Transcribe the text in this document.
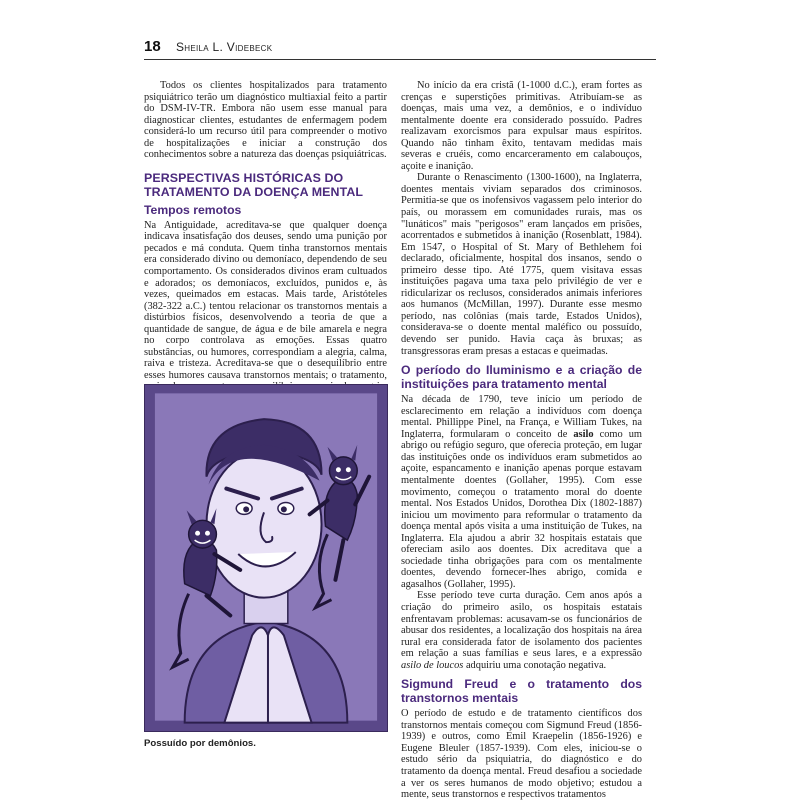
18 Sheila L. Videbeck

Todos os clientes hospitalizados para tratamento psiquiátrico terão um diagnóstico multiaxial feito a partir do DSM-IV-TR. Embora não usem esse manual para diagnosticar clientes, estudantes de enfermagem podem considerá-lo um recurso útil para compreender o motivo de hospitalizações e iniciar a construção dos conhecimentos sobre a natureza das doenças psiquiátricas.

PERSPECTIVAS HISTÓRICAS DO
TRATAMENTO DA DOENÇA MENTAL
Tempos remotos

Na Antiguidade, acreditava-se que qualquer doença indicava insatisfação dos deuses, sendo uma punição por pecados e má conduta. Quem tinha transtornos mentais era considerado divino ou demoníaco, dependendo de seu comportamento. Os considerados divinos eram cultuados e adorados; os demoníacos, excluídos, punidos e, às vezes, queimados em estacas. Mais tarde, Aristóteles (382-322 a.C.) tentou relacionar os transtornos mentais a distúrbios físicos, desenvolvendo a teoria de que a quantidade de sangue, de água e de bile amarela e negra no corpo controlava as emoções. Essas quatro substâncias, ou humores, correspondiam a alegria, calma, raiva e tristeza. Acreditava-se que o desequilíbrio entre esses humores causava transtornos mentais; o tratamento,

Possuído por demônios.

No início da era cristã (1-1000 d.C.), eram fortes as crenças e superstições primitivas. Atribuíam-se as doenças, mais uma vez, a demônios, e o indivíduo mentalmente doente era considerado possuído. Padres realizavam exorcismos para expulsar maus espíritos. Quando não tinham êxito, tentavam medidas mais severas e cruéis, como encarceramento em calabouços, açoite e inanição.

Durante o Renascimento (1300-1600), na Inglaterra, doentes mentais viviam separados dos criminosos. Permitia-se que os inofensivos vagassem pelo interior do país, ou morassem em comunidades rurais, mas os "lunáticos" mais "perigosos" eram lançados em prisões, acorrentados e submetidos à inanição (Rosenblatt, 1984). Em 1547, o Hospital of St. Mary of Bethlehem foi declarado, oficialmente, hospital dos insanos, sendo o primeiro desse tipo. Até 1775, quem visitava essas instituições pagava uma taxa pelo privilégio de ver e ridicularizar os reclusos, considerados animais inferiores aos humanos (McMillan, 1997). Durante esse mesmo período, nas colônias (mais tarde, Estados Unidos), considerava-se o doente mental maléfico ou possuído, devendo ser punido. Havia caça às bruxas; as transgressoras eram presas a estacas e queimadas.

O período do Iluminismo e a criação de instituições para tratamento mental

Na década de 1790, teve início um período de esclarecimento em relação a indivíduos com doença mental. Phillippe Pinel, na França, e William Tukes, na Inglaterra, formularam o conceito de asilo como um abrigo ou refúgio seguro, que oferecia proteção, em lugar das instituições onde os indivíduos eram submetidos ao açoite, espancamento e inanição apenas porque estavam mentalmente doentes (Gollaher, 1995). Com esse movimento, começou o tratamento moral do doente mental. Nos Estados Unidos, Dorothea Dix (1802-1887) iniciou um movimento para reformular o tratamento da doença mental após visita a uma instituição de Tukes, na Inglaterra. Ela ajudou a abrir 32 hospitais estatais que ofereciam asilo aos doentes. Dix acreditava que a sociedade tinha obrigações para com os mentalmente doentes, devendo fornecer-lhes abrigo, comida e agasalhos (Gollaher, 1995).

Esse período teve curta duração. Cem anos após a criação do primeiro asilo, os hospitais estatais enfrentavam problemas: acusavam-se os funcionários de abusar dos residentes, a localização dos hospitais na área rural era considerada fator de isolamento dos pacientes em relação a suas famílias e seus lares, e a expressão asilo de loucos adquiriu uma conotação negativa.

Sigmund Freud e o tratamento dos transtornos mentais

O período de estudo e de tratamento científicos dos transtornos mentais começou com Sigmund Freud (1856-1939) e outros, como Emil Kraepelin (1856-1926) e Eugene Bleuler (1857-1939). Com eles, iniciou-se o estudo sério da psiquiatria, do diagnóstico e do tratamento da doença mental. Freud desafiou a sociedade a ver os seres humanos de modo objetivo; estudou a mente, seus transtornos e respectivos tratamentos
